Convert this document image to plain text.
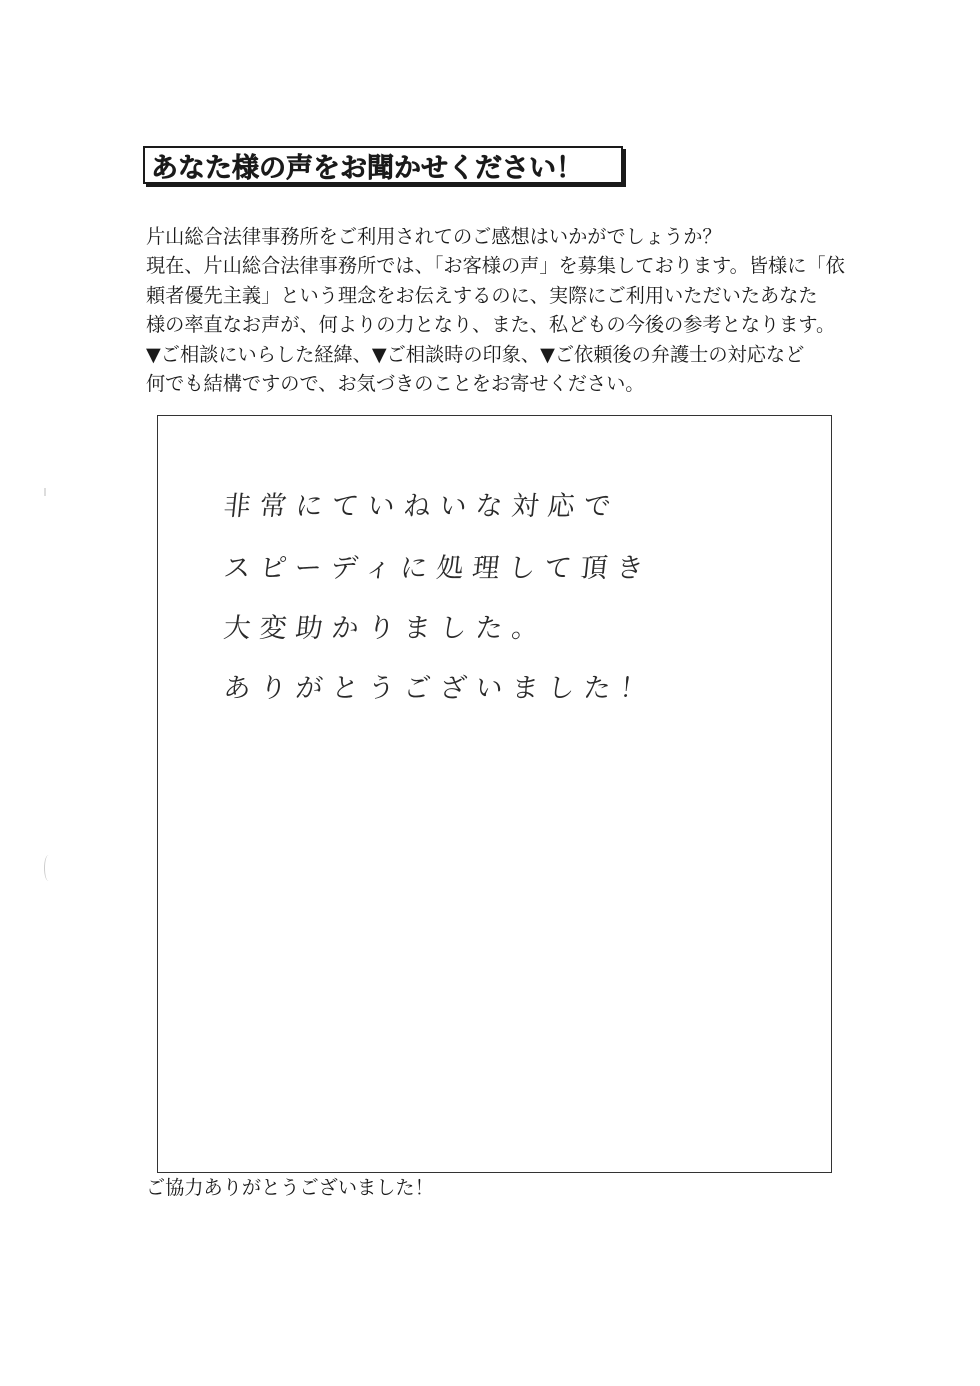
あなた様の声をお聞かせください！
片山総合法律事務所をご利用されてのご感想はいかがでしょうか？
現在、片山総合法律事務所では、「お客様の声」を募集しております。皆様に「依
頼者優先主義」という理念をお伝えするのに、実際にご利用いただいたあなた
様の率直なお声が、何よりの力となり、また、私どもの今後の参考となります。
▼ご相談にいらした経緯、▼ご相談時の印象、▼ご依頼後の弁護士の対応など
何でも結構ですので、お気づきのことをお寄せください。
非常にていねいな対応で
スピーディに処理して頂き
大変助かりました。
ありがとうございました！
ご協力ありがとうございました！
